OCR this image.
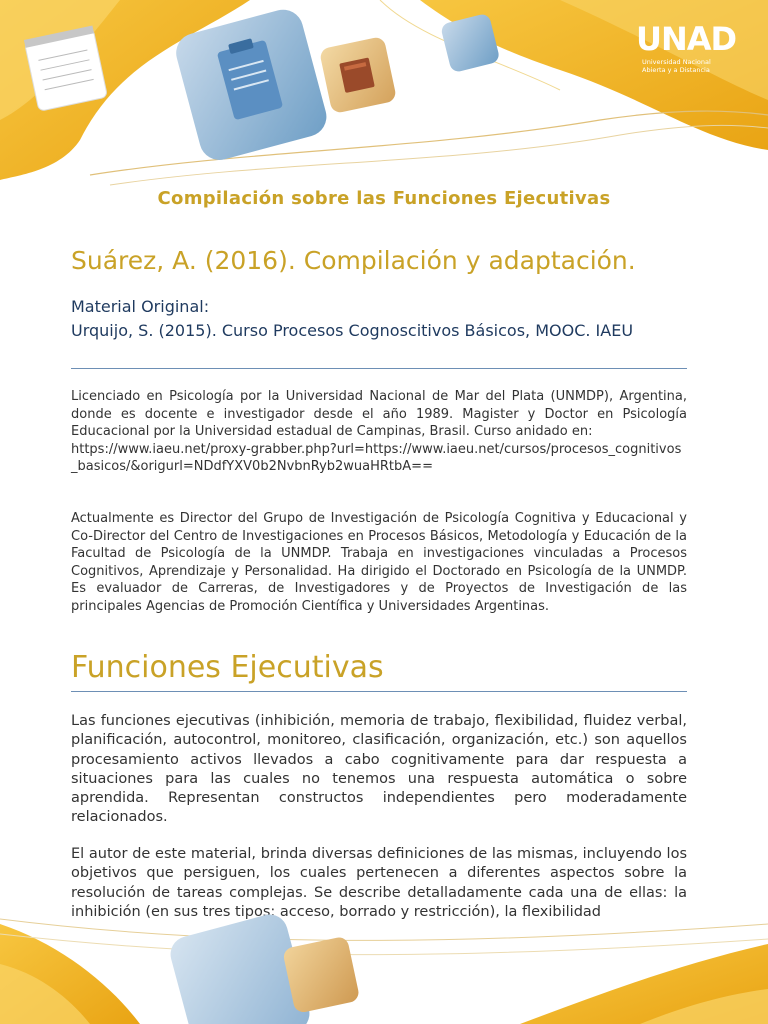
UNAD
Universidad Nacional
Abierta y a Distancia
Compilación sobre las Funciones Ejecutivas
Suárez, A. (2016). Compilación y adaptación.
Material Original:
Urquijo, S. (2015). Curso Procesos Cognoscitivos Básicos, MOOC. IAEU
Licenciado en Psicología por la Universidad Nacional de Mar del Plata (UNMDP), Argentina, donde es docente e investigador desde el año 1989. Magister y Doctor en Psicología Educacional por la Universidad estadual de Campinas, Brasil. Curso anidado en:
https://www.iaeu.net/proxy-grabber.php?url=https://www.iaeu.net/cursos/procesos_cognitivos_basicos/&origurl=NDdfYXV0b2NvbnRyb2wuaHRtbA==

Actualmente es Director del Grupo de Investigación de Psicología Cognitiva y Educacional y Co-Director del Centro de Investigaciones en Procesos Básicos, Metodología y Educación de la Facultad de Psicología de la UNMDP. Trabaja en investigaciones vinculadas a Procesos Cognitivos, Aprendizaje y Personalidad. Ha dirigido el Doctorado en Psicología de la UNMDP. Es evaluador de Carreras, de Investigadores y de Proyectos de Investigación de las principales Agencias de Promoción Científica y Universidades Argentinas.

Funciones Ejecutivas

Las funciones ejecutivas (inhibición, memoria de trabajo, flexibilidad, fluidez verbal, planificación, autocontrol, monitoreo, clasificación, organización, etc.) son aquellos procesamiento activos llevados a cabo cognitivamente para dar respuesta a situaciones para las cuales no tenemos una respuesta automática o sobre aprendida. Representan constructos independientes pero moderadamente relacionados.

El autor de este material, brinda diversas definiciones de las mismas, incluyendo los objetivos que persiguen, los cuales pertenecen a diferentes aspectos sobre la resolución de tareas complejas. Se describe detalladamente cada una de ellas: la inhibición (en sus tres tipos: acceso, borrado y restricción), la flexibilidad
